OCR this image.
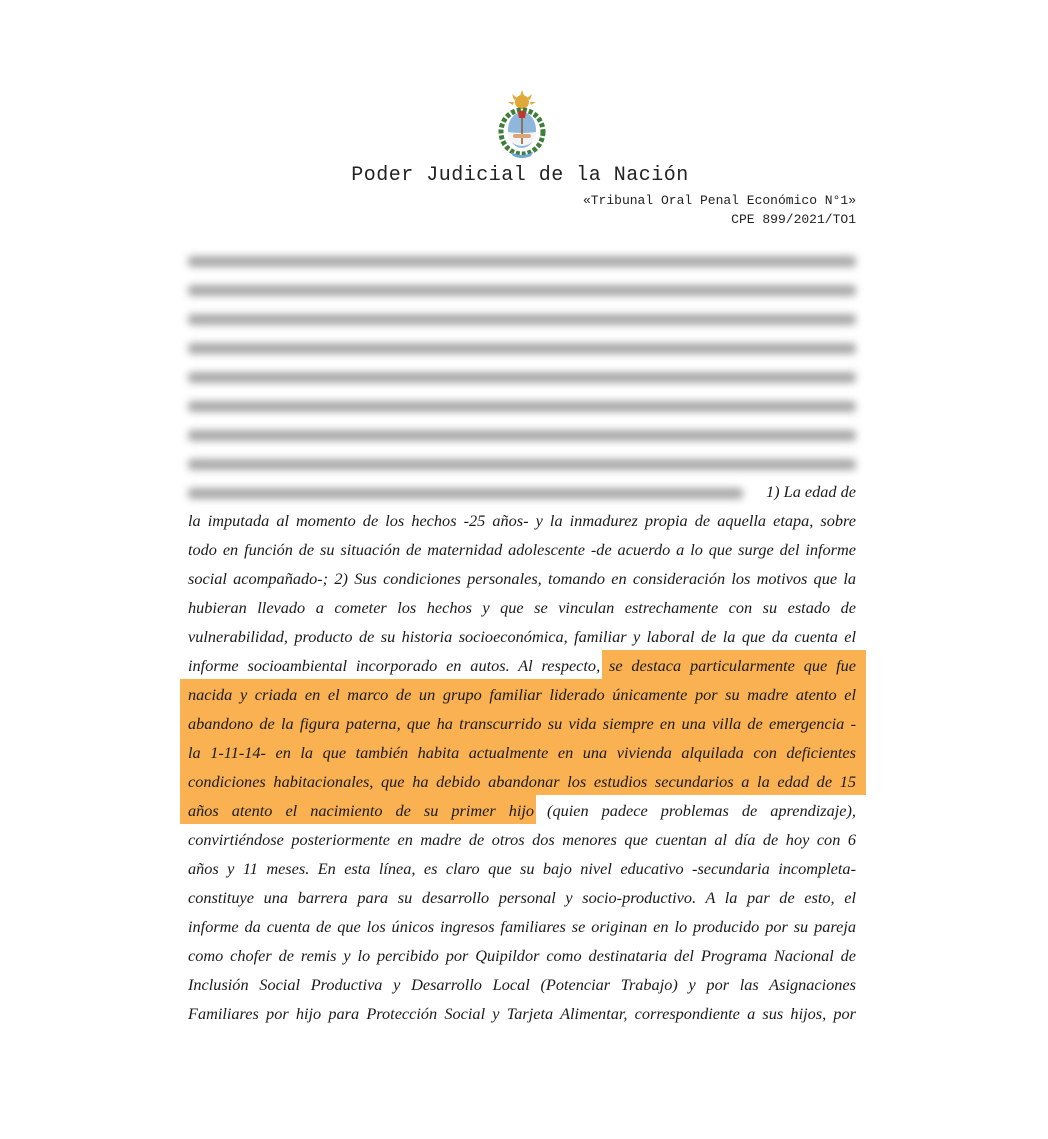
Poder Judicial de la Nación
«Tribunal Oral Penal Económico N°1»
CPE 899/2021/TO1
1) La edad de
la imputada al momento de los hechos -25 años- y la inmadurez propia de aquella etapa, sobre
todo en función de su situación de maternidad adolescente -de acuerdo a lo que surge del informe
social acompañado-; 2) Sus condiciones personales, tomando en consideración los motivos que la
hubieran llevado a cometer los hechos y que se vinculan estrechamente con su estado de
vulnerabilidad, producto de su historia socioeconómica, familiar y laboral de la que da cuenta el
informe socioambiental incorporado en autos. Al respecto, se destaca particularmente que fue
nacida y criada en el marco de un grupo familiar liderado únicamente por su madre atento el
abandono de la figura paterna, que ha transcurrido su vida siempre en una villa de emergencia -
la 1-11-14- en la que también habita actualmente en una vivienda alquilada con deficientes
condiciones habitacionales, que ha debido abandonar los estudios secundarios a la edad de 15
años atento el nacimiento de su primer hijo (quien padece problemas de aprendizaje),
convirtiéndose posteriormente en madre de otros dos menores que cuentan al día de hoy con 6
años y 11 meses. En esta línea, es claro que su bajo nivel educativo -secundaria incompleta-
constituye una barrera para su desarrollo personal y socio-productivo. A la par de esto, el
informe da cuenta de que los únicos ingresos familiares se originan en lo producido por su pareja
como chofer de remis y lo percibido por Quipildor como destinataria del Programa Nacional de
Inclusión Social Productiva y Desarrollo Local (Potenciar Trabajo) y por las Asignaciones
Familiares por hijo para Protección Social y Tarjeta Alimentar, correspondiente a sus hijos, por
